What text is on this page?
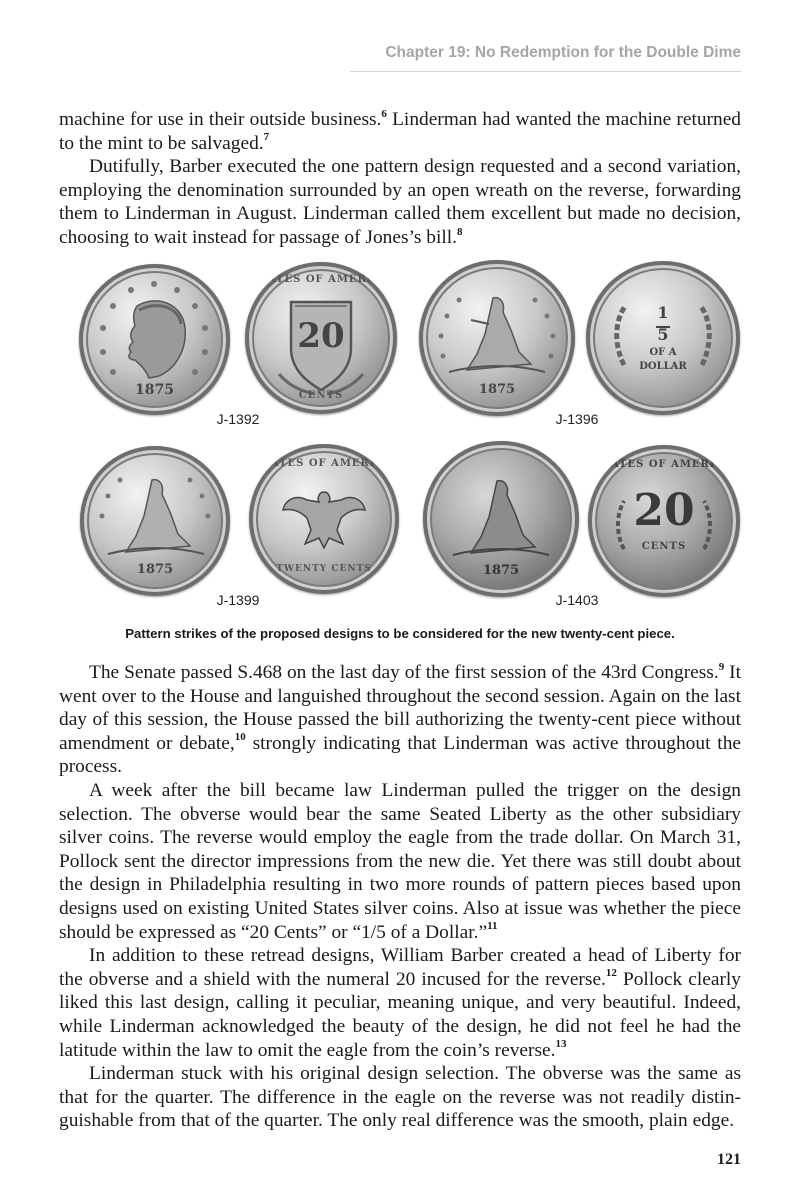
Chapter 19: No Redemption for the Double Dime

machine for use in their outside business.$^6$ Linderman had wanted the machine returned to the mint to be salvaged.$^7$

Dutifully, Barber executed the one pattern design requested and a second variation, employing the denomination surrounded by an open wreath on the reverse, forwarding them to Linderman in August. Linderman called them excellent but made no decision, choosing to wait instead for passage of Jones’s bill.$^8$

1875
20
STATES OF AMERICA
CENTS	1875
1
5
OF A
DOLLAR
J-1392	J-1396
1875
STATES OF AMERICA
TWENTY CENTS	1875
20
STATES OF AMERICA
CENTS
J-1399	J-1403
Pattern strikes of the proposed designs to be considered for the new twenty-cent piece.

The Senate passed S.468 on the last day of the first session of the 43rd Congress.$^9$ It went over to the House and languished throughout the second session. Again on the last day of this session, the House passed the bill authorizing the twenty-cent piece without amendment or debate,$^{10}$ strongly indicating that Linderman was active throughout the process.

A week after the bill became law Linderman pulled the trigger on the design selection. The obverse would bear the same Seated Liberty as the other subsidiary silver coins. The reverse would employ the eagle from the trade dollar. On March 31, Pollock sent the director impressions from the new die. Yet there was still doubt about the design in Philadelphia resulting in two more rounds of pattern pieces based upon designs used on existing United States silver coins. Also at issue was whether the piece should be expressed as “20 Cents” or “1/5 of a Dollar.”$^{11}$

In addition to these retread designs, William Barber created a head of Liberty for the obverse and a shield with the numeral 20 incused for the reverse.$^{12}$ Pollock clearly liked this last design, calling it peculiar, meaning unique, and very beautiful. Indeed, while Linderman acknowledged the beauty of the design, he did not feel he had the latitude within the law to omit the eagle from the coin’s reverse.$^{13}$

Linderman stuck with his original design selection. The obverse was the same as that for the quarter. The difference in the eagle on the reverse was not readily distinguishable from that of the quarter. The only real difference was the smooth, plain edge.

121
